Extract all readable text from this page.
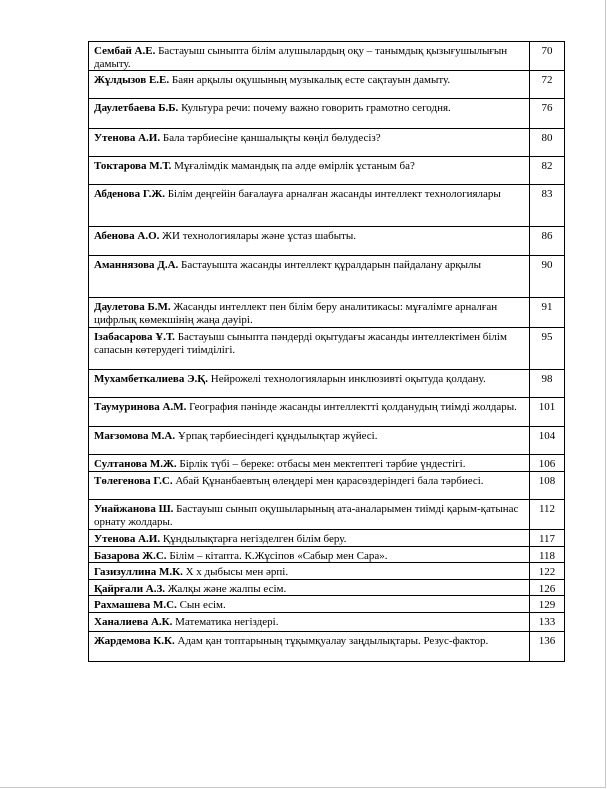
Сембай А.Е. Бастауыш сыныпта білім алушылардың оқу – танымдық қызығушылығын дамыту.	70
Жұлдызов Е.Е. Баян арқылы оқушының музыкалық есте сақтауын дамыту.	72
Даулетбаева Б.Б. Культура речи: почему важно говорить грамотно сегодня.	76
Утенова А.И. Бала тәрбиесіне қаншалықты көңіл бөлудесіз?	80
Токтарова М.Т. Мұғалімдік мамандық па әлде өмірлік ұстаным ба?	82
Абденова Г.Ж. Білім деңгейін бағалауға арналған жасанды интеллект технологиялары	83
Абенова А.О. ЖИ технологиялары және ұстаз шабыты.	86
Аманнязова Д.А. Бастауышта жасанды интеллект құралдарын пайдалану арқылы	90
Даулетова Б.М. Жасанды интеллект пен білім беру аналитикасы: мұғалімге арналған цифрлық көмекшінің жаңа дәуірі.	91
Ізабасарова Ұ.Т. Бастауыш сыныпта пәндерді оқытудағы жасанды интеллектімен білім сапасын көтерудегі тиімділігі.	95
Мухамбеткалиева Э.Қ. Нейрожелі технологияларын инклюзивті оқытуда қолдану.	98
Таумуринова А.М. География пәнінде жасанды интеллектті қолданудың тиімді жолдары.	101
Мағзомова М.А. Ұрпақ тәрбиесіндегі құндылықтар жүйесі.	104
Султанова М.Ж. Бірлік түбі – береке: отбасы мен мектептегі тәрбие үндестігі.	106
Төлегенова Г.С. Абай Құнанбаевтың өлеңдері мен қарасөздеріндегі бала тәрбиесі.	108
Унайжанова Ш. Бастауыш сынып оқушыларының ата-аналарымен тиімді қарым-қатынас орнату жолдары.	112
Утенова А.И. Құндылықтарға негізделген білім беру.	117
Базарова Ж.С. Білім – кітапта. К.Жұсіпов «Сабыр мен Сара».	118
Газизуллина М.К. Х х дыбысы мен әрпі.	122
Қайрғали А.З. Жалқы және жалпы есім.	126
Рахмашева М.С. Сын есім.	129
Ханалиева А.К. Математика негіздері.	133
Жардемова К.К. Адам қан топтарының тұқымқуалау заңдылықтары. Резус-фактор.	136
